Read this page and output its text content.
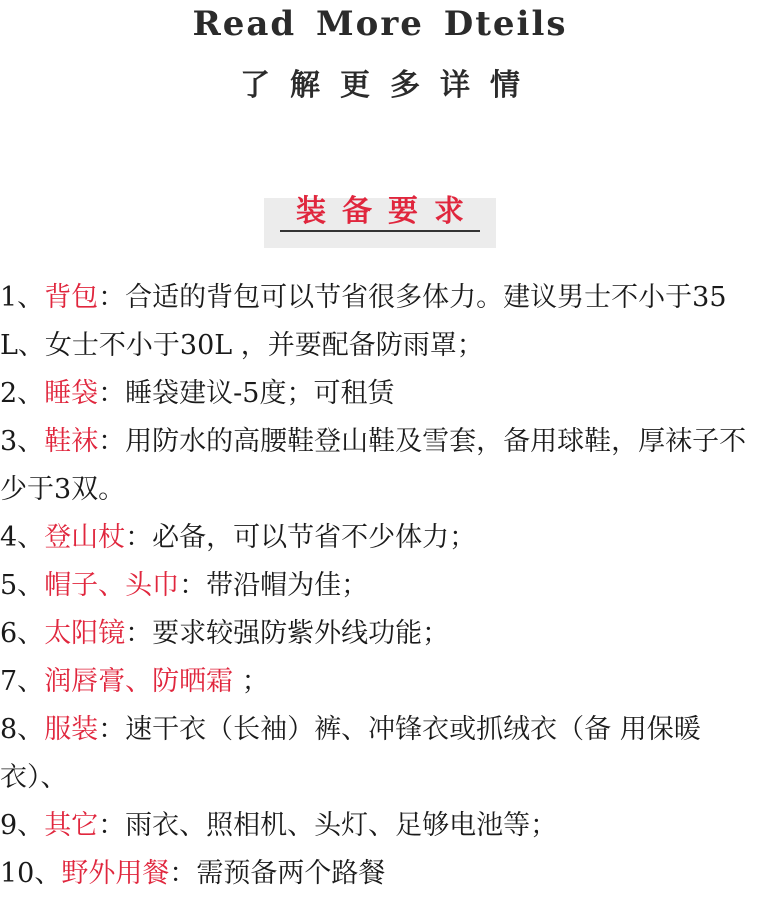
Read More Dteils
了解更多详情
装备要求

1、背包：合适的背包可以节省很多体力。建议男士不小于35L、女士不小于30L ，并要配备防雨罩；

2、睡袋：睡袋建议-5度；可租赁

3、鞋袜：用防水的高腰鞋登山鞋及雪套，备用球鞋，厚袜子不少于3双。

4、登山杖：必备，可以节省不少体力；

5、帽子、头巾：带沿帽为佳；

6、太阳镜：要求较强防紫外线功能；

7、润唇膏、防晒霜 ；

8、服装：速干衣（长袖）裤、冲锋衣或抓绒衣（备 用保暖衣）、

9、其它：雨衣、照相机、头灯、足够电池等；

10、野外用餐：需预备两个路餐
